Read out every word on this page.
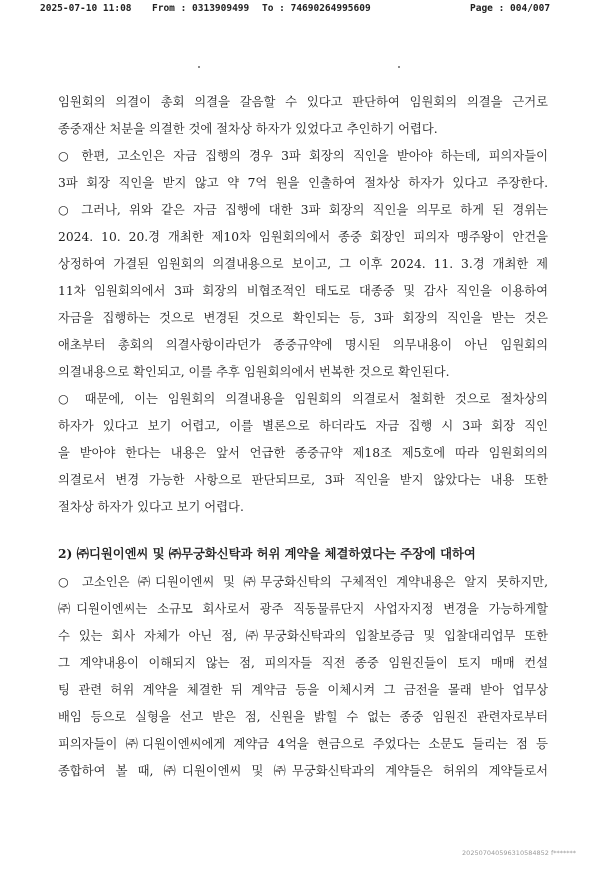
2025-07-10 11:08 From : 0313909499 To : 74690264995609	Page : 004/007
임원회의 의결이 총회 의결을 갈음할 수 있다고 판단하여 임원회의 의결을 근거로
종중재산 처분을 의결한 것에 절차상 하자가 있었다고 추인하기 어렵다.
○ 한편, 고소인은 자금 집행의 경우 3파 회장의 직인을 받아야 하는데, 피의자들이
3파 회장 직인을 받지 않고 약 7억 원을 인출하여 절차상 하자가 있다고 주장한다.
○ 그러나, 위와 같은 자금 집행에 대한 3파 회장의 직인을 의무로 하게 된 경위는
2024. 10. 20.경 개최한 제10차 임원회의에서 종중 회장인 피의자 맹주왕이 안건을
상정하여 가결된 임원회의 의결내용으로 보이고, 그 이후 2024. 11. 3.경 개최한 제
11차 임원회의에서 3파 회장의 비협조적인 태도로 대종중 및 감사 직인을 이용하여
자금을 집행하는 것으로 변경된 것으로 확인되는 등, 3파 회장의 직인을 받는 것은
애초부터 총회의 의결사항이라던가 종중규약에 명시된 의무내용이 아닌 임원회의
의결내용으로 확인되고, 이를 추후 임원회의에서 번복한 것으로 확인된다.
○ 때문에, 이는 임원회의 의결내용을 임원회의 의결로서 철회한 것으로 절차상의
하자가 있다고 보기 어렵고, 이를 별론으로 하더라도 자금 집행 시 3파 회장 직인
을 받아야 한다는 내용은 앞서 언급한 종중규약 제18조 제5호에 따라 임원회의의
의결로서 변경 가능한 사항으로 판단되므로, 3파 직인을 받지 않았다는 내용 또한
절차상 하자가 있다고 보기 어렵다.
2) ㈜디원이엔씨 및 ㈜무궁화신탁과 허위 계약을 체결하였다는 주장에 대하여
○ 고소인은 ㈜디원이엔씨 및 ㈜무궁화신탁의 구체적인 계약내용은 알지 못하지만,
㈜디원이엔씨는 소규모 회사로서 광주 직동물류단지 사업자지정 변경을 가능하게할
수 있는 회사 자체가 아닌 점, ㈜무궁화신탁과의 입찰보증금 및 입찰대리업무 또한
그 계약내용이 이해되지 않는 점, 피의자들 직전 종중 임원진들이 토지 매매 컨설
팅 관련 허위 계약을 체결한 뒤 계약금 등을 이체시켜 그 금전을 몰래 받아 업무상
배임 등으로 실형을 선고 받은 점, 신원을 밝힐 수 없는 종중 임원진 관련자로부터
피의자들이 ㈜디원이엔씨에게 계약금 4억을 현금으로 주었다는 소문도 들리는 점 등
종합하여 볼 때, ㈜디원이엔씨 및 ㈜무궁화신탁과의 계약들은 허위의 계약들로서
20250704059631058485​2 f*******
